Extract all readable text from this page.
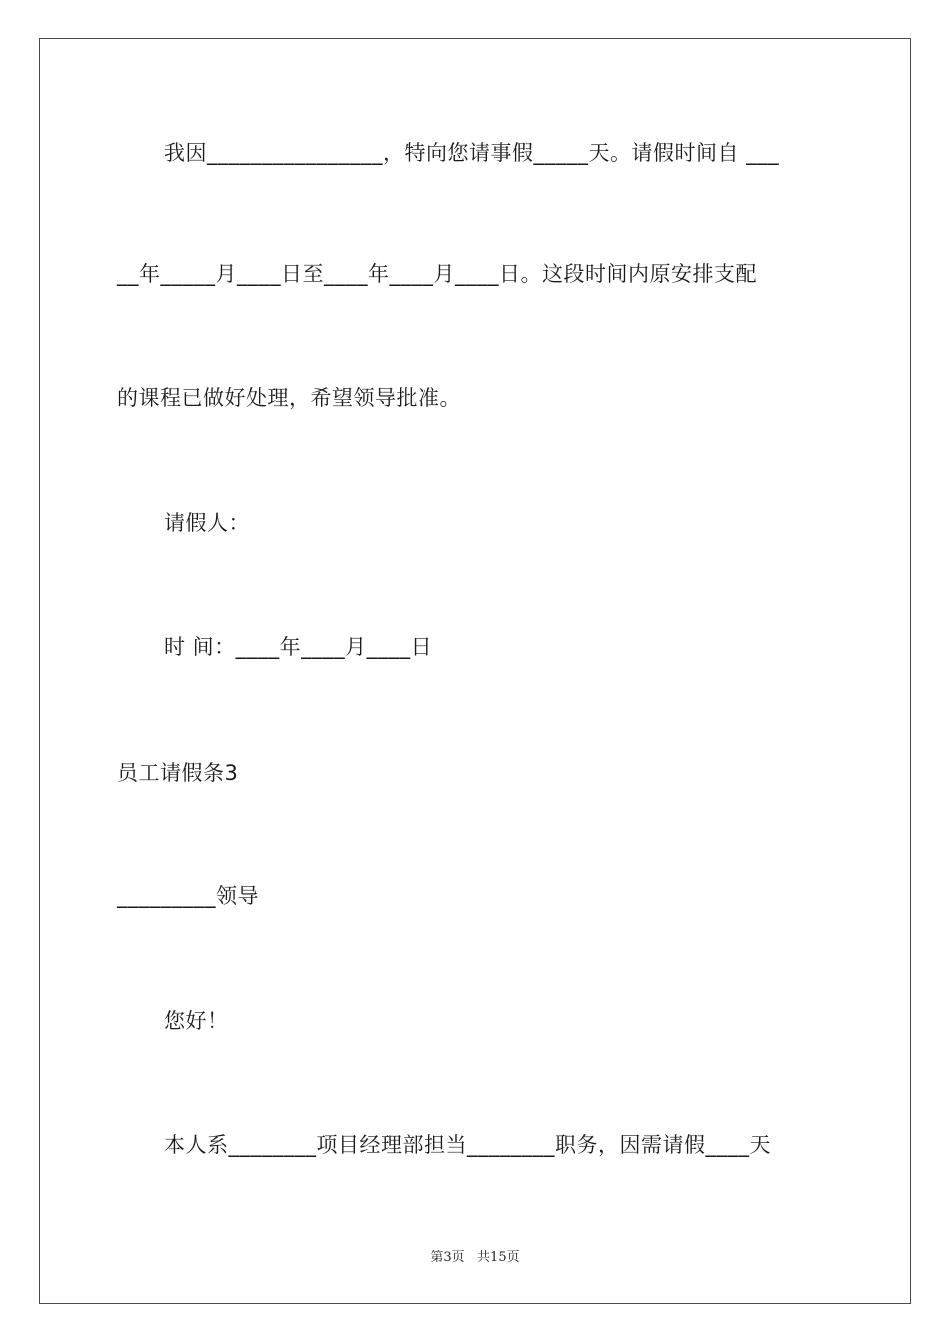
我因________________，特向您请事假_____天。请假时间自 ___
__年_____月____日至____年____月____日。这段时间内原安排支配
的课程已做好处理，希望领导批准。
请假人：
时 间：____年____月____日
员工请假条3
_________领导
您好！
本人系________项目经理部担当________职务，因需请假____天
第3页   共15页
